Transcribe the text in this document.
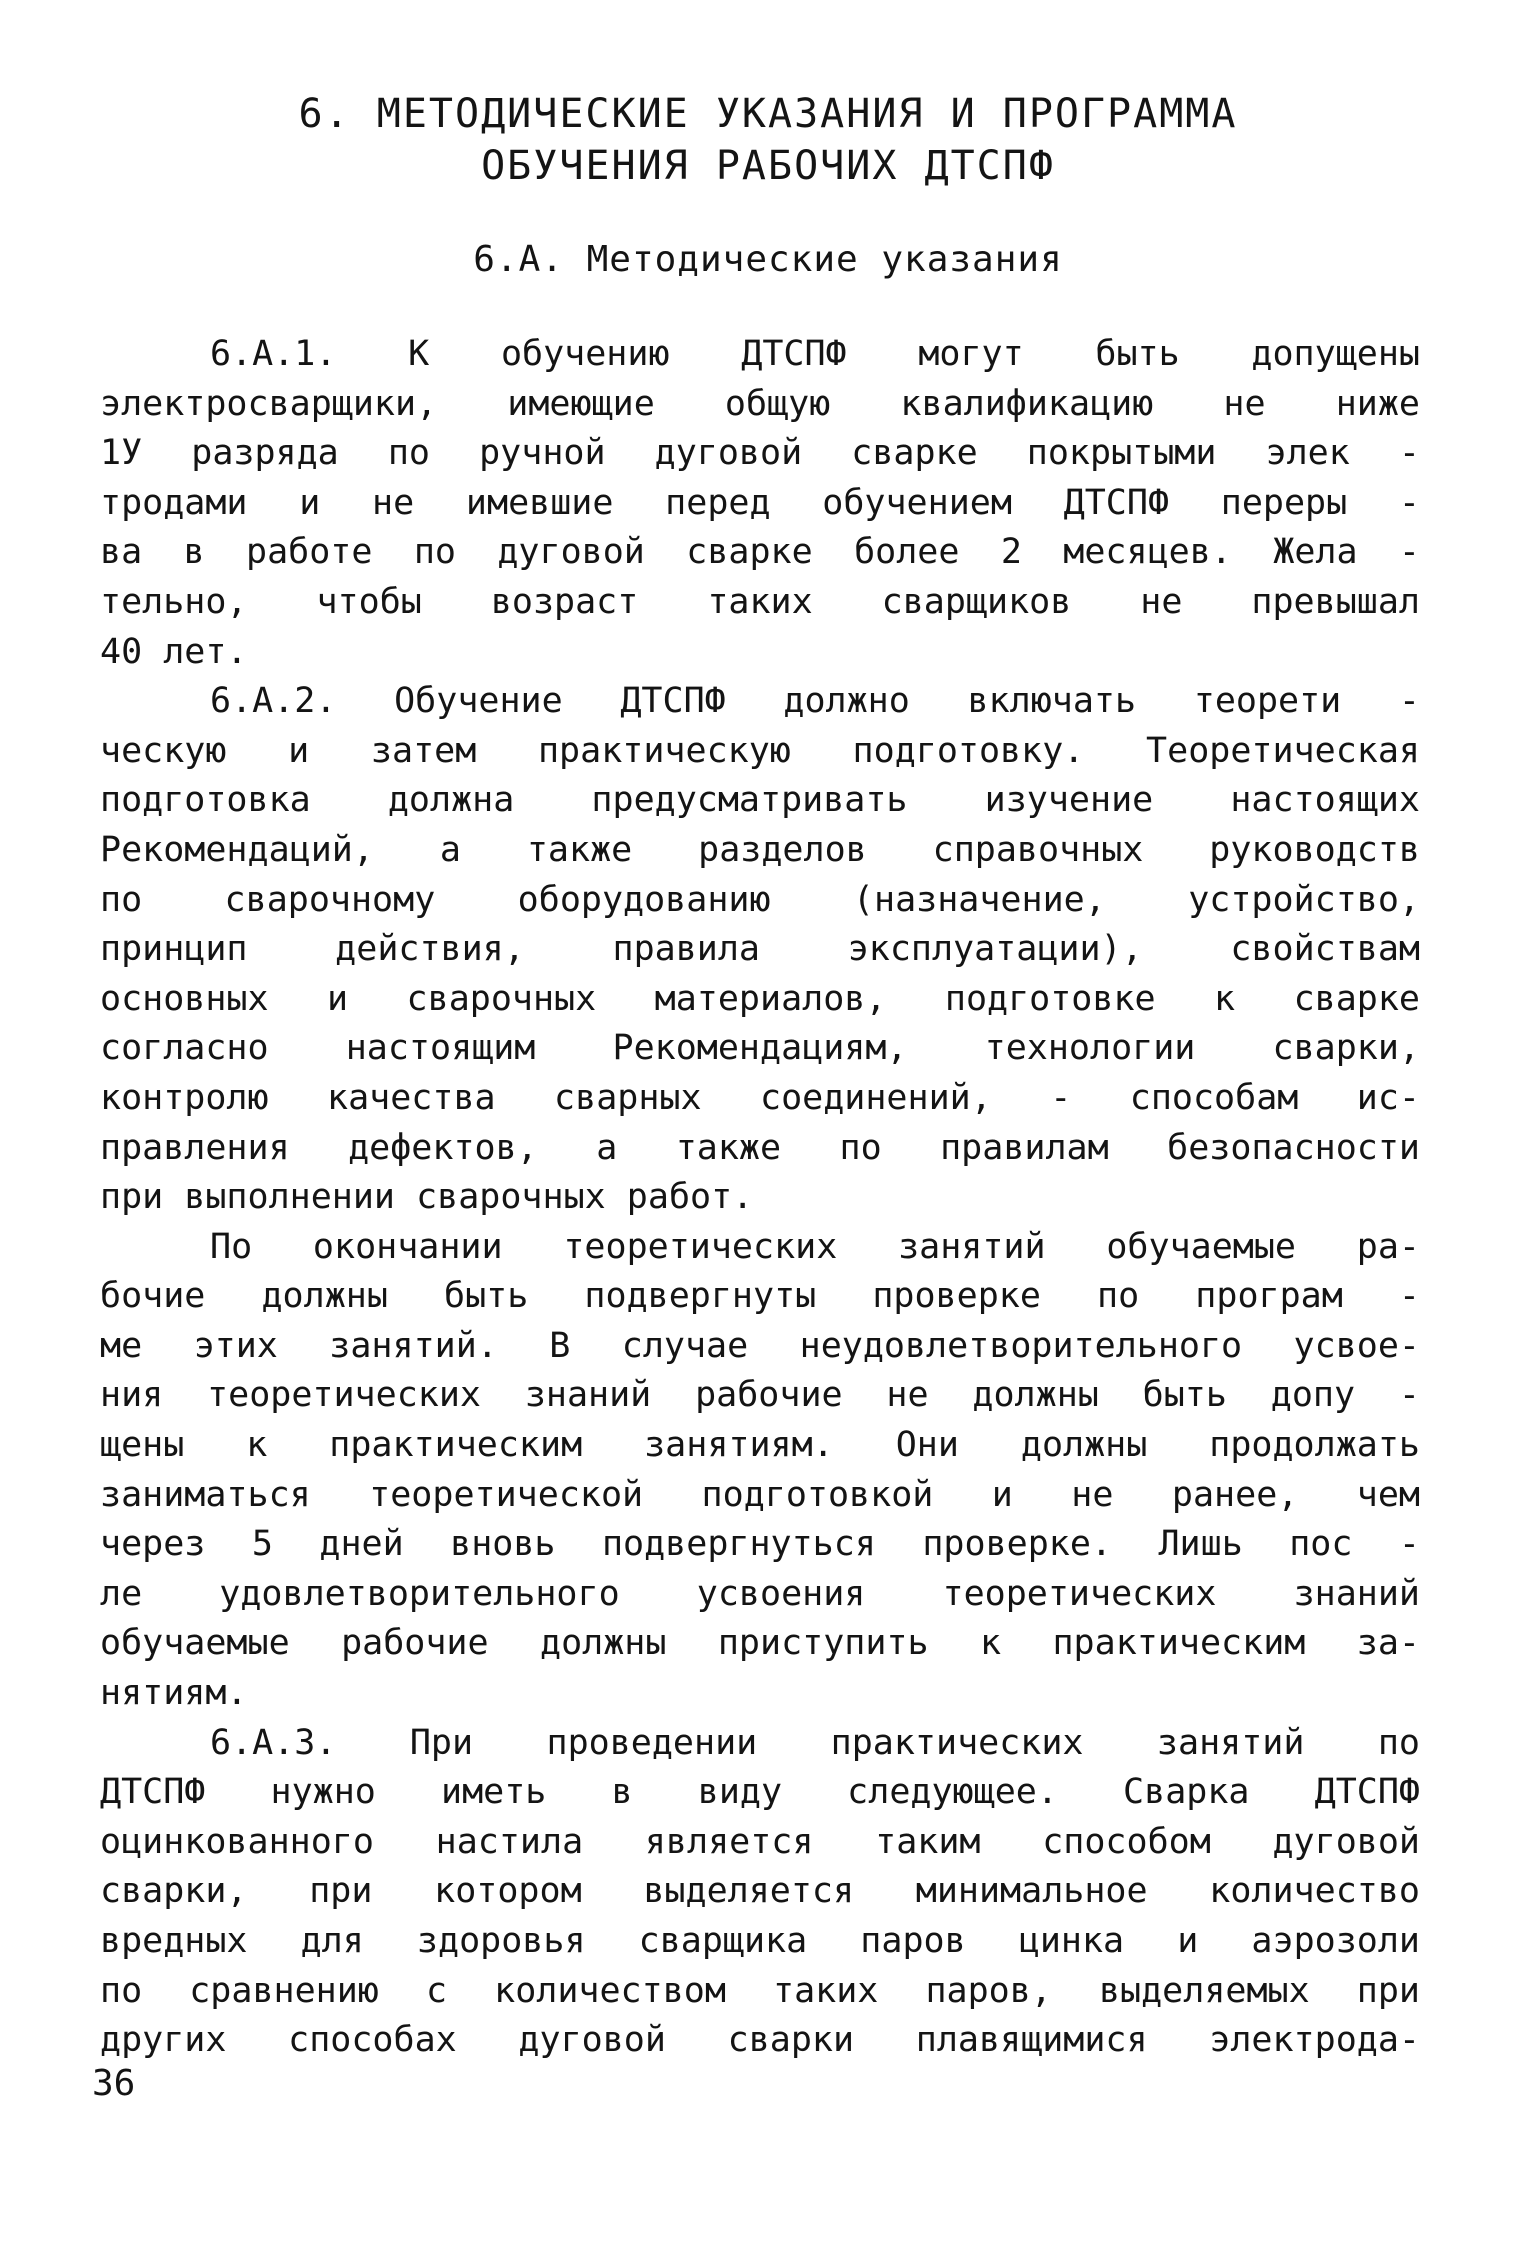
6. МЕТОДИЧЕСКИЕ УКАЗАНИЯ И ПРОГРАММА
ОБУЧЕНИЯ РАБОЧИХ ДТСПФ
6.А. Методические указания
6.А.1. К обучению ДТСПФ могут быть допущены
электросварщики, имеющие общую квалификацию не ниже
1У разряда по ручной дуговой сварке покрытыми элек -
тродами и не имевшие перед обучением ДТСПФ переры -
ва в работе по дуговой сварке более 2 месяцев. Жела -
тельно, чтобы возраст таких сварщиков не превышал
40 лет.
6.А.2. Обучение ДТСПФ должно включать теорети -
ческую и затем практическую подготовку. Теоретическая
подготовка должна предусматривать изучение настоящих
Рекомендаций, а также разделов справочных руководств
по сварочному оборудованию (назначение, устройство,
принцип действия, правила эксплуатации), свойствам
основных и сварочных материалов, подготовке к сварке
согласно настоящим Рекомендациям, технологии сварки,
контролю качества сварных соединений, - способам ис-
правления дефектов, а также по правилам безопасности
при выполнении сварочных работ.
По окончании теоретических занятий обучаемые ра-
бочие должны быть подвергнуты проверке по програм -
ме этих занятий. В случае неудовлетворительного усвое-
ния теоретических знаний рабочие не должны быть допу -
щены к практическим занятиям. Они должны продолжать
заниматься теоретической подготовкой и не ранее, чем
через 5 дней вновь подвергнуться проверке. Лишь пос -
ле удовлетворительного усвоения теоретических знаний
обучаемые рабочие должны приступить к практическим за-
нятиям.
6.А.3. При проведении практических занятий по
ДТСПФ нужно иметь в виду следующее. Сварка ДТСПФ
оцинкованного настила является таким способом дуговой
сварки, при котором выделяется минимальное количество
вредных для здоровья сварщика паров цинка и аэрозоли
по сравнению с количеством таких паров, выделяемых при
других способах дуговой сварки плавящимися электрода-
36
